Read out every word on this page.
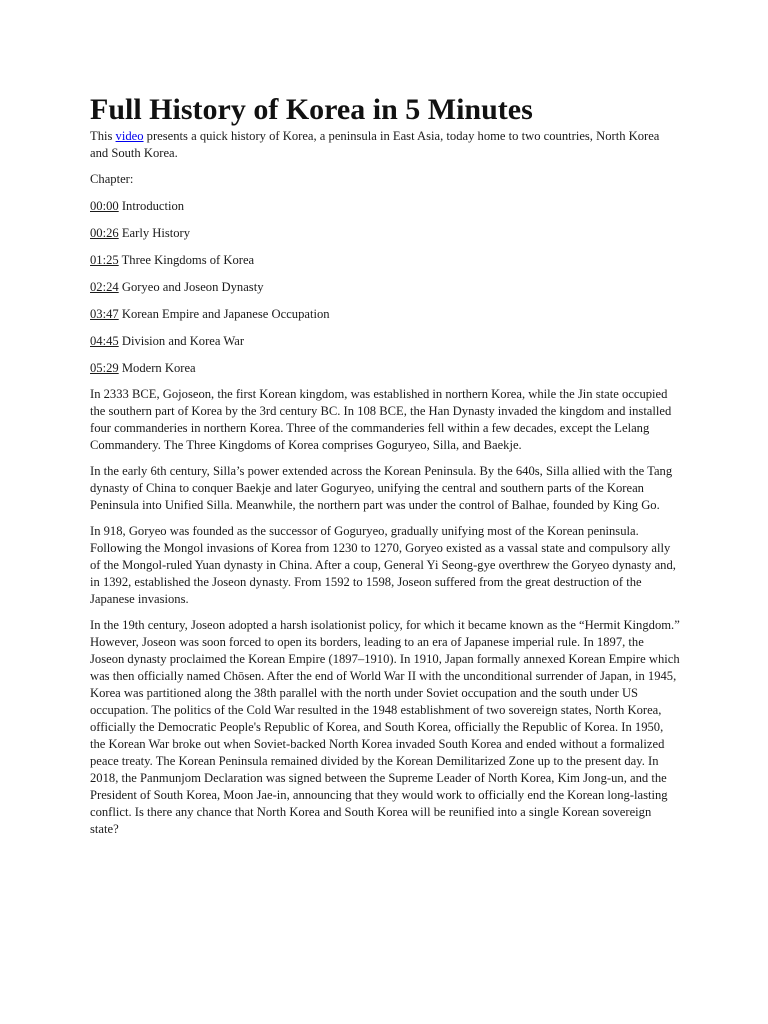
Full History of Korea in 5 Minutes

This video presents a quick history of Korea, a peninsula in East Asia, today home to two countries, North Korea and South Korea.

Chapter:

00:00 Introduction
00:26 Early History
01:25 Three Kingdoms of Korea
02:24 Goryeo and Joseon Dynasty
03:47 Korean Empire and Japanese Occupation
04:45 Division and Korea War
05:29 Modern Korea

In 2333 BCE, Gojoseon, the first Korean kingdom, was established in northern Korea, while the Jin state occupied the southern part of Korea by the 3rd century BC. In 108 BCE, the Han Dynasty invaded the kingdom and installed four commanderies in northern Korea. Three of the commanderies fell within a few decades, except the Lelang Commandery. The Three Kingdoms of Korea comprises Goguryeo, Silla, and Baekje.

In the early 6th century, Silla’s power extended across the Korean Peninsula. By the 640s, Silla allied with the Tang dynasty of China to conquer Baekje and later Goguryeo, unifying the central and southern parts of the Korean Peninsula into Unified Silla. Meanwhile, the northern part was under the control of Balhae, founded by King Go.

In 918, Goryeo was founded as the successor of Goguryeo, gradually unifying most of the Korean peninsula. Following the Mongol invasions of Korea from 1230 to 1270, Goryeo existed as a vassal state and compulsory ally of the Mongol-ruled Yuan dynasty in China. After a coup, General Yi Seong-gye overthrew the Goryeo dynasty and, in 1392, established the Joseon dynasty. From 1592 to 1598, Joseon suffered from the great destruction of the Japanese invasions.

In the 19th century, Joseon adopted a harsh isolationist policy, for which it became known as the “Hermit Kingdom.” However, Joseon was soon forced to open its borders, leading to an era of Japanese imperial rule. In 1897, the Joseon dynasty proclaimed the Korean Empire (1897–1910). In 1910, Japan formally annexed Korean Empire which was then officially named Chōsen. After the end of World War II with the unconditional surrender of Japan, in 1945, Korea was partitioned along the 38th parallel with the north under Soviet occupation and the south under US occupation. The politics of the Cold War resulted in the 1948 establishment of two sovereign states, North Korea, officially the Democratic People's Republic of Korea, and South Korea, officially the Republic of Korea. In 1950, the Korean War broke out when Soviet-backed North Korea invaded South Korea and ended without a formalized peace treaty. The Korean Peninsula remained divided by the Korean Demilitarized Zone up to the present day. In 2018, the Panmunjom Declaration was signed between the Supreme Leader of North Korea, Kim Jong-un, and the President of South Korea, Moon Jae-in, announcing that they would work to officially end the Korean long-lasting conflict. Is there any chance that North Korea and South Korea will be reunified into a single Korean sovereign state?
